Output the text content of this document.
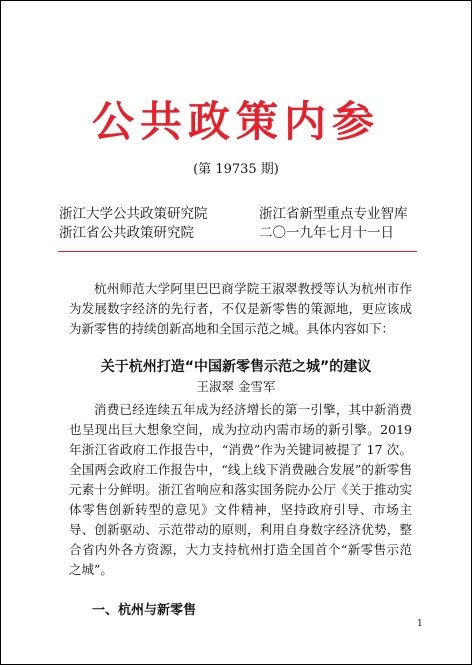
公共政策内参
(第 19735 期)
浙江大学公共政策研究院
浙江省公共政策研究院
浙江省新型重点专业智库
二〇一九年七月十一日
杭州师范大学阿里巴巴商学院王淑翠教授等认为杭州市作为发展数字经济的先行者，不仅是新零售的策源地，更应该成为新零售的持续创新高地和全国示范之城。具体内容如下：
关于杭州打造“中国新零售示范之城”的建议
王淑翠 金雪军
消费已经连续五年成为经济增长的第一引擎，其中新消费也呈现出巨大想象空间，成为拉动内需市场的新引擎。2019 年浙江省政府工作报告中，“消费”作为关键词被提了 17 次。全国两会政府工作报告中，“线上线下消费融合发展”的新零售元素十分鲜明。浙江省响应和落实国务院办公厅《关于推动实体零售创新转型的意见》文件精神，坚持政府引导、市场主导、创新驱动、示范带动的原则，利用自身数字经济优势，整合省内外各方资源，大力支持杭州打造全国首个“新零售示范之城”。
一、杭州与新零售
1
